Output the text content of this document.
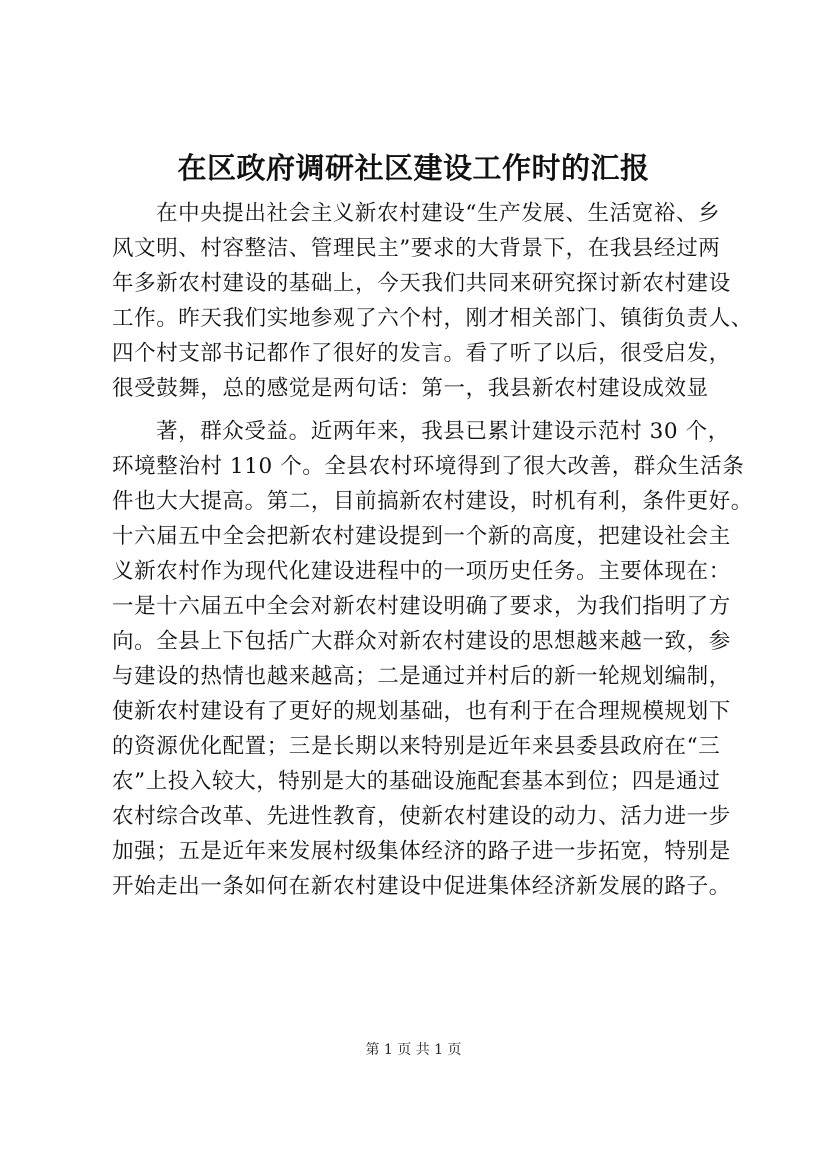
在区政府调研社区建设工作时的汇报
在中央提出社会主义新农村建设“生产发展、生活宽裕、乡
风文明、村容整洁、管理民主”要求的大背景下，在我县经过两
年多新农村建设的基础上，今天我们共同来研究探讨新农村建设
工作。昨天我们实地参观了六个村，刚才相关部门、镇街负责人、
四个村支部书记都作了很好的发言。看了听了以后，很受启发，
很受鼓舞，总的感觉是两句话：第一，我县新农村建设成效显
著，群众受益。近两年来，我县已累计建设示范村 30 个，
环境整治村 110 个。全县农村环境得到了很大改善，群众生活条
件也大大提高。第二，目前搞新农村建设，时机有利，条件更好。
十六届五中全会把新农村建设提到一个新的高度，把建设社会主
义新农村作为现代化建设进程中的一项历史任务。主要体现在：
一是十六届五中全会对新农村建设明确了要求，为我们指明了方
向。全县上下包括广大群众对新农村建设的思想越来越一致，参
与建设的热情也越来越高；二是通过并村后的新一轮规划编制，
使新农村建设有了更好的规划基础，也有利于在合理规模规划下
的资源优化配置；三是长期以来特别是近年来县委县政府在“三
农”上投入较大，特别是大的基础设施配套基本到位；四是通过
农村综合改革、先进性教育，使新农村建设的动力、活力进一步
加强；五是近年来发展村级集体经济的路子进一步拓宽，特别是
开始走出一条如何在新农村建设中促进集体经济新发展的路子。
第 1 页 共 1 页
